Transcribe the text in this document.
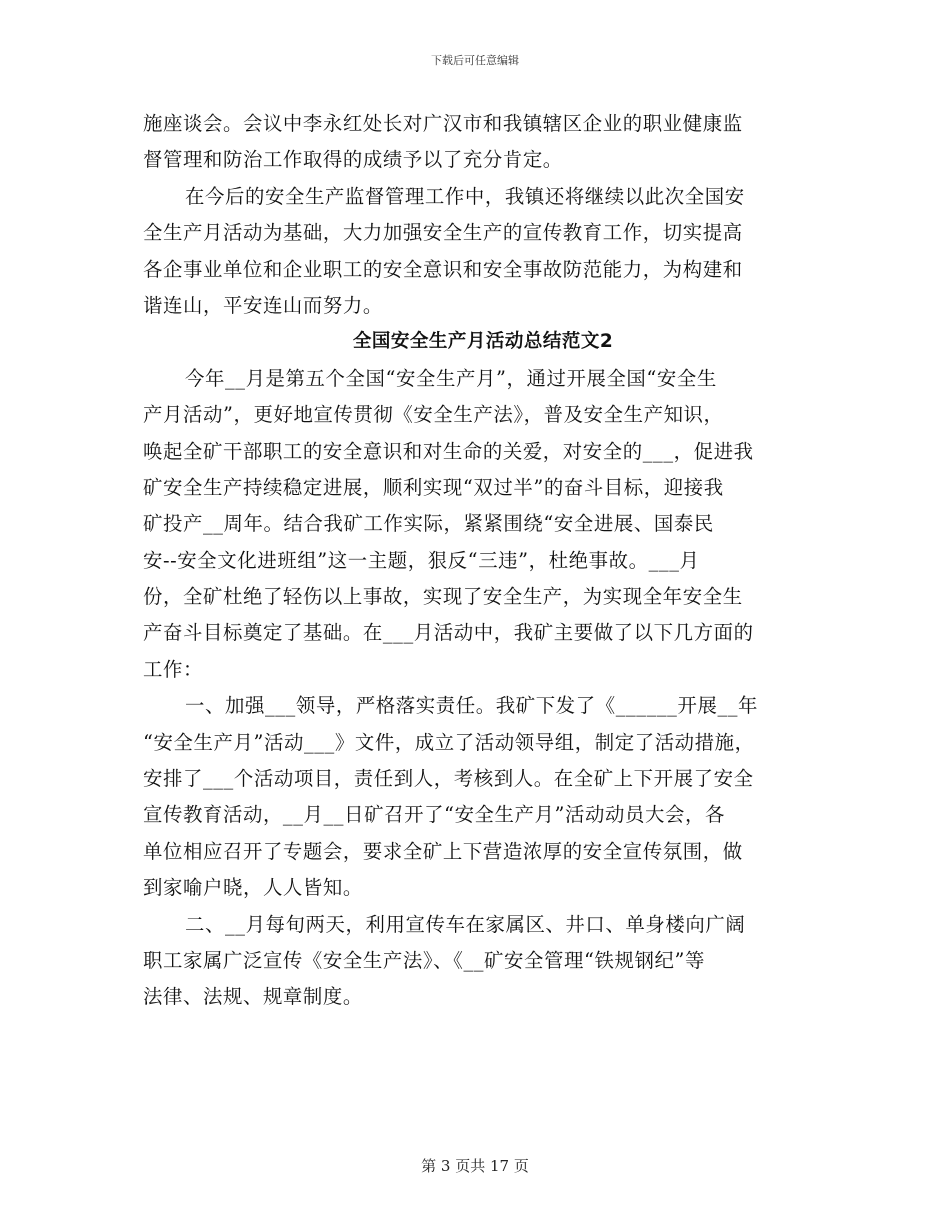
下载后可任意编辑
施座谈会。会议中李永红处长对广汉市和我镇辖区企业的职业健康监
督管理和防治工作取得的成绩予以了充分肯定。
在今后的安全生产监督管理工作中，我镇还将继续以此次全国安
全生产月活动为基础，大力加强安全生产的宣传教育工作，切实提高
各企事业单位和企业职工的安全意识和安全事故防范能力，为构建和
谐连山，平安连山而努力。
全国安全生产月活动总结范文2
今年__月是第五个全国“安全生产月”，通过开展全国“安全生
产月活动”，更好地宣传贯彻《安全生产法》，普及安全生产知识，
唤起全矿干部职工的安全意识和对生命的关爱，对安全的___，促进我
矿安全生产持续稳定进展，顺利实现“双过半”的奋斗目标，迎接我
矿投产__周年。结合我矿工作实际，紧紧围绕“安全进展、国泰民
安--安全文化进班组”这一主题，狠反“三违”，杜绝事故。___月
份，全矿杜绝了轻伤以上事故，实现了安全生产，为实现全年安全生
产奋斗目标奠定了基础。在___月活动中，我矿主要做了以下几方面的
工作：
一、加强___领导，严格落实责任。我矿下发了《______开展__年
“安全生产月”活动___》文件，成立了活动领导组，制定了活动措施，
安排了___个活动项目，责任到人，考核到人。在全矿上下开展了安全
宣传教育活动，__月__日矿召开了“安全生产月”活动动员大会，各
单位相应召开了专题会，要求全矿上下营造浓厚的安全宣传氛围，做
到家喻户晓，人人皆知。
二、__月每旬两天，利用宣传车在家属区、井口、单身楼向广阔
职工家属广泛宣传《安全生产法》、《__矿安全管理“铁规钢纪”等
法律、法规、规章制度。
第 3 页共 17 页
